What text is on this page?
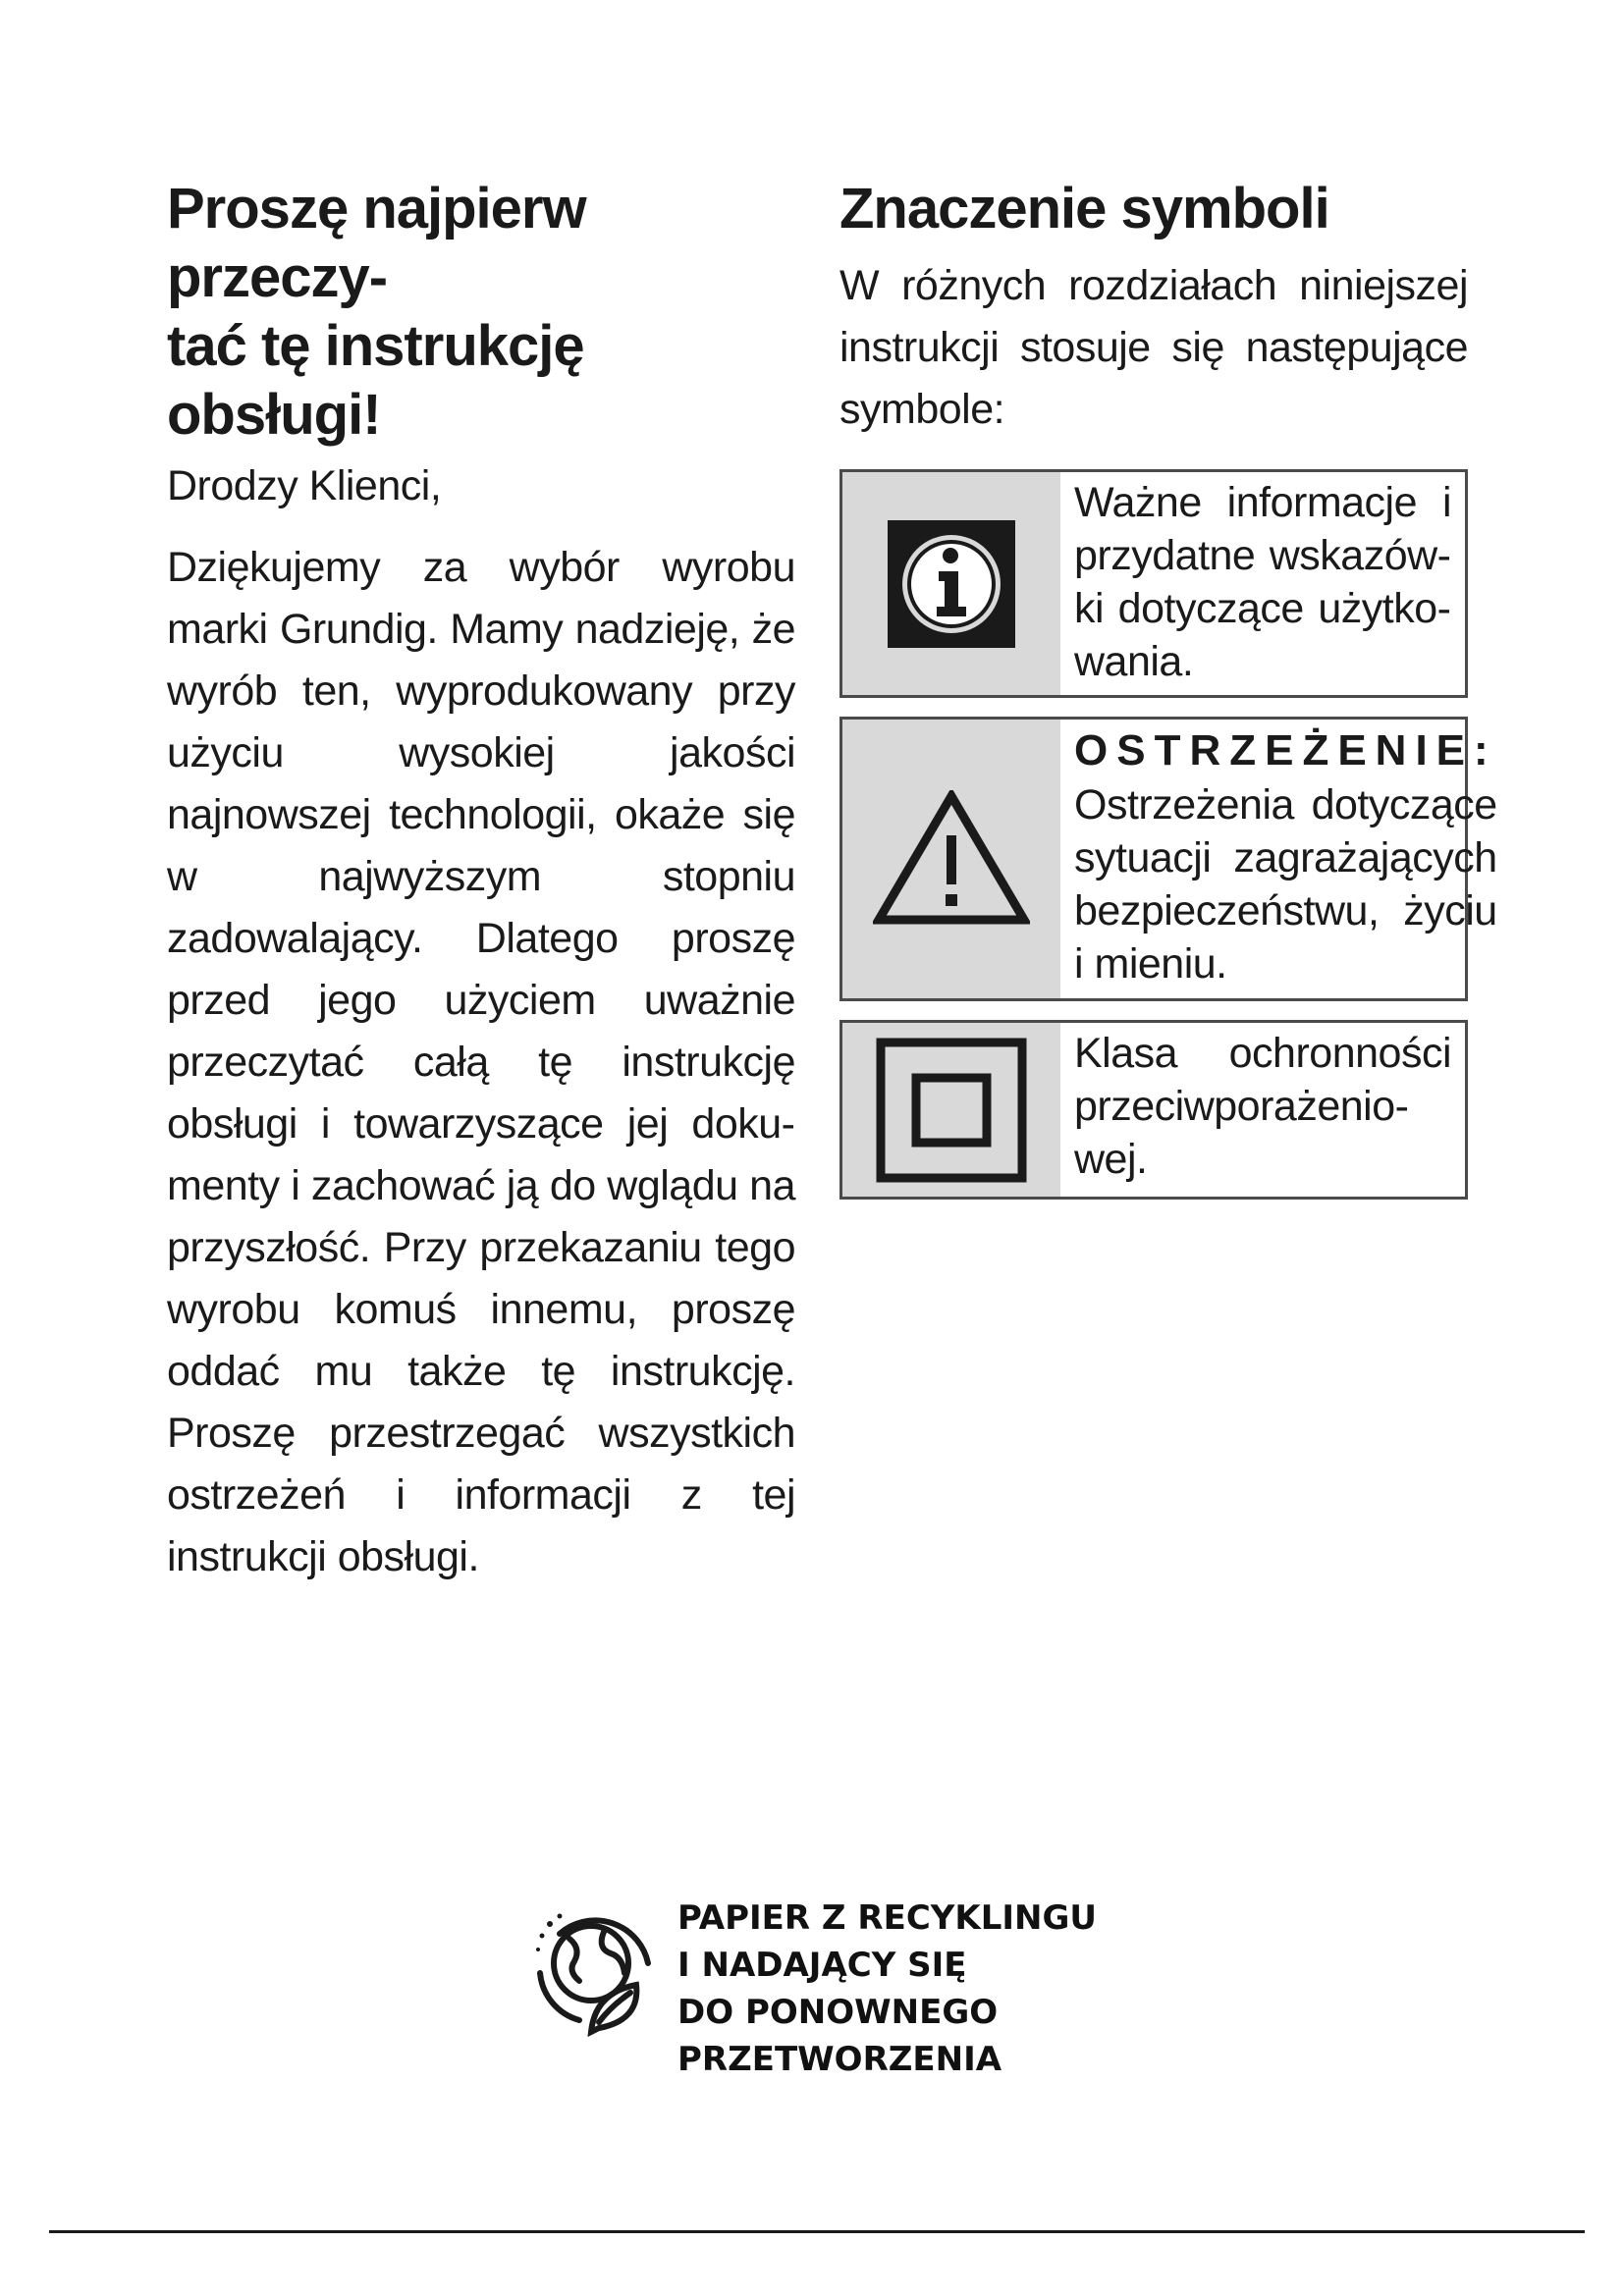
Proszę najpierw przeczy-
tać tę instrukcję obsługi!

Drodzy Klienci,

Dziękujemy za wybór wyrobu marki Grundig. Mamy nadzieję, że wyrób ten, wyprodukowany przy użyciu wysokiej jakości najnowszej technologii, okaże się w najwyższym stopniu zadowalający. Dlatego proszę przed jego użyciem uważnie przeczytać całą tę instrukcję obsługi i towarzyszące jej dokumenty i zachować ją do wglądu na przyszłość. Przy przekazaniu tego wyrobu komuś innemu, proszę oddać mu także tę instrukcję. Proszę przestrzegać wszystkich ostrzeżeń i informacji z tej instrukcji obsługi.

Znaczenie symboli

W różnych rozdziałach niniejszej instrukcji stosuje się następujące symbole:

Ważne informacje i przydatne wskazówki dotyczące użytkowania.
OSTRZEŻENIE:
Ostrzeżenia dotyczące sytuacji zagrażających bezpieczeństwu, życiu i mieniu.
Klasa ochronności przeciwporażeniowej.
PAPIER Z RECYKLINGU
I NADAJĄCY SIĘ
DO PONOWNEGO
PRZETWORZENIA
